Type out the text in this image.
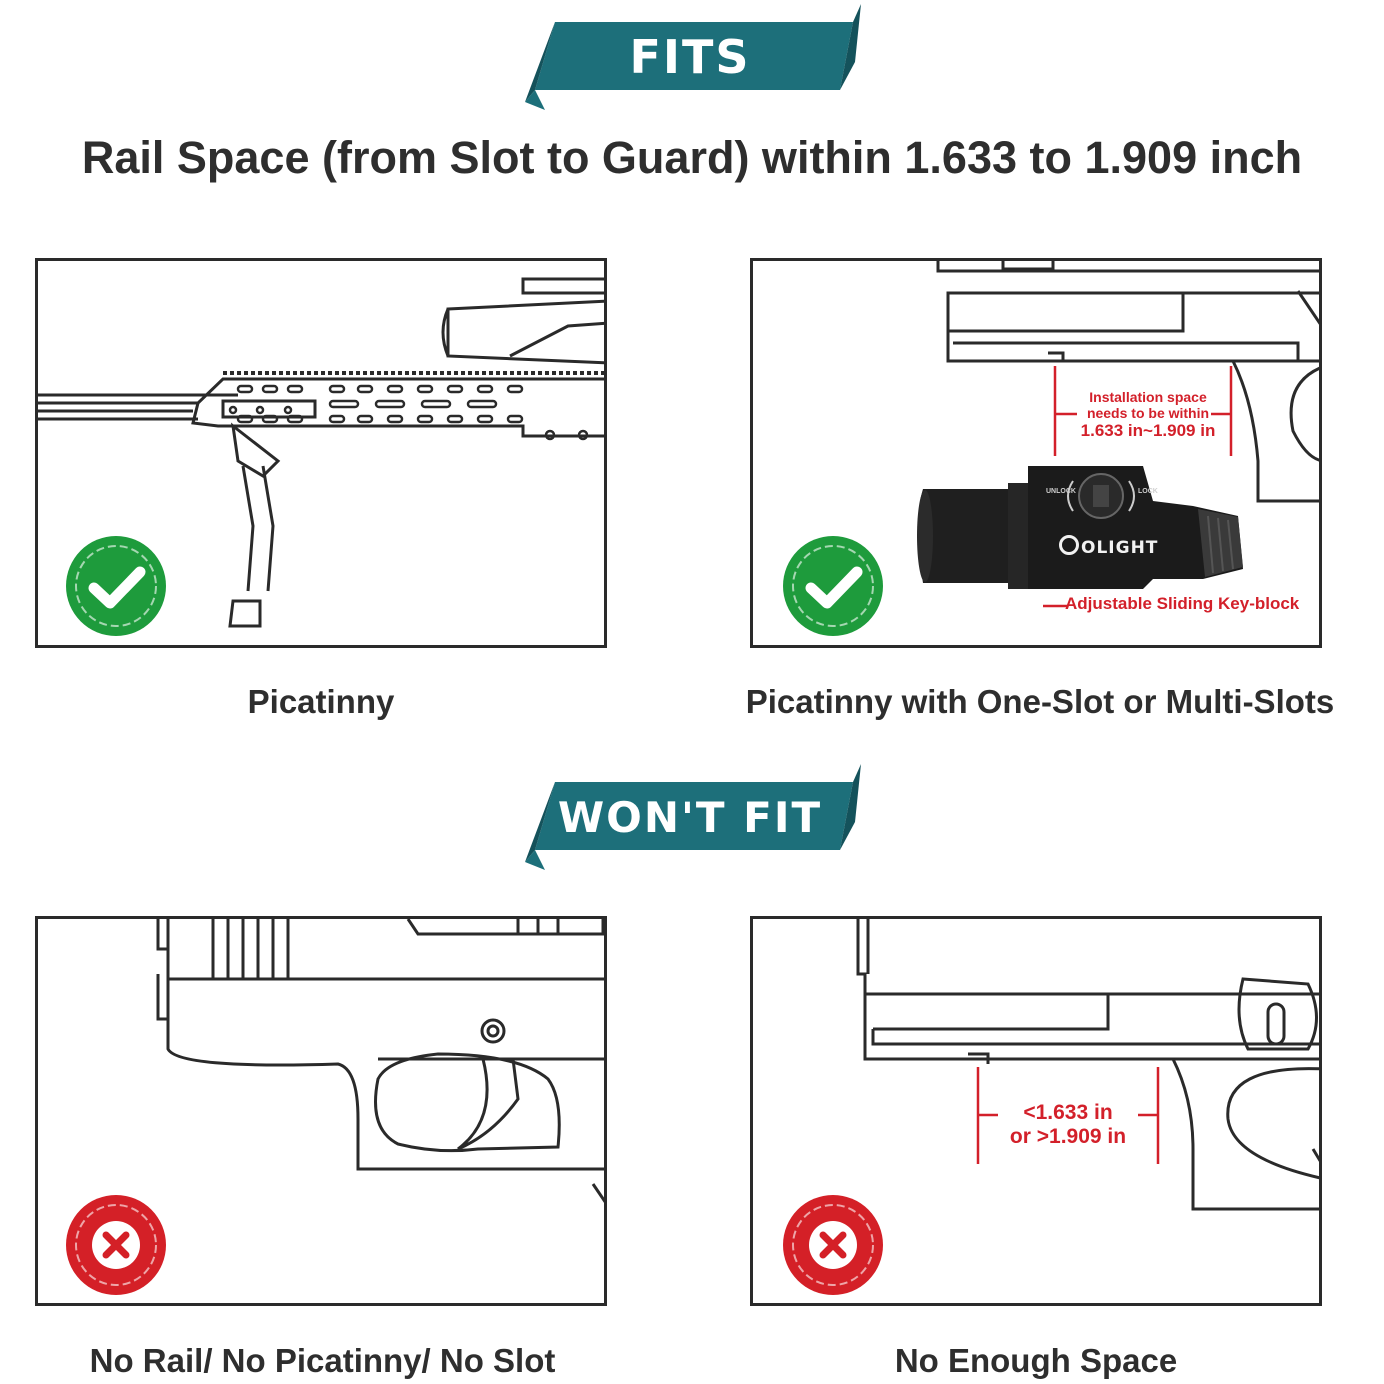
FITS
Rail Space (from Slot to Guard) within 1.633 to 1.909 inch
Installation space
needs to be within
1.633 in~1.909 in
UNLOCK	LOCK
OLIGHT
Adjustable Sliding Key-block
Picatinny	Picatinny with One-Slot or Multi-Slots
WON'T FIT
<1.633 in
or >1.909 in
No Rail/ No Picatinny/ No Slot	No Enough Space
